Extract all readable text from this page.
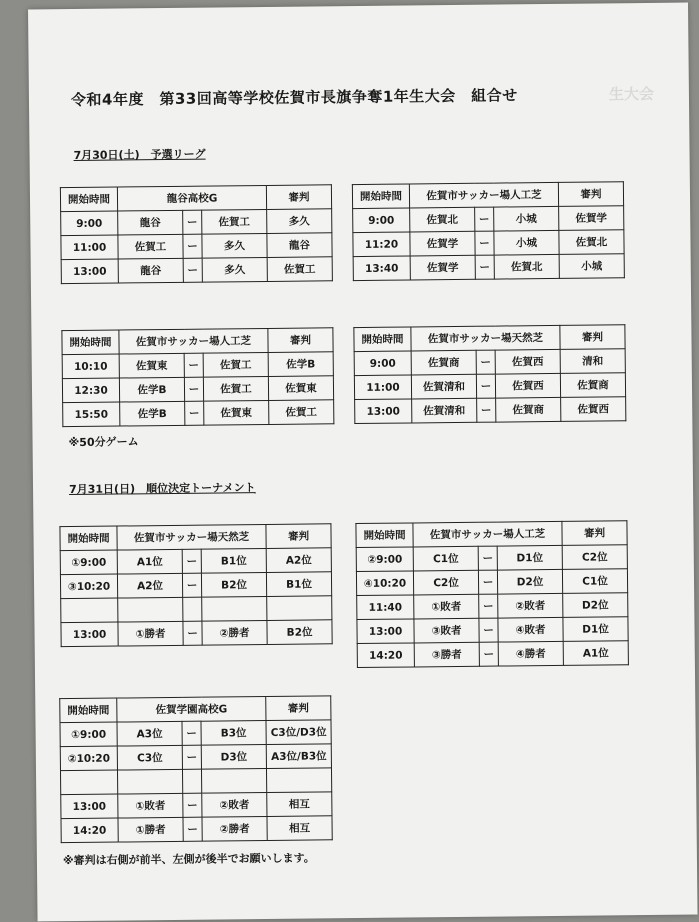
令和4年度　第33回高等学校佐賀市長旗争奪1年生大会　組合せ	生大会
7月30日(土)　予選リーグ
開始時間	龍谷高校G			審判
9:00	龍谷	ー	佐賀工	多久
11:00	佐賀工	ー	多久	龍谷
13:00	龍谷	ー	多久	佐賀工
開始時間	佐賀市サッカー場人工芝			審判
9:00	佐賀北	ー	小城	佐賀学
11:20	佐賀学	ー	小城	佐賀北
13:40	佐賀学	ー	佐賀北	小城
開始時間	佐賀市サッカー場人工芝			審判
10:10	佐賀東	ー	佐賀工	佐学B
12:30	佐学B	ー	佐賀工	佐賀東
15:50	佐学B	ー	佐賀東	佐賀工
開始時間	佐賀市サッカー場天然芝			審判
9:00	佐賀商	ー	佐賀西	清和
11:00	佐賀清和	ー	佐賀西	佐賀商
13:00	佐賀清和	ー	佐賀商	佐賀西
※50分ゲーム
7月31日(日)　順位決定トーナメント
開始時間	佐賀市サッカー場天然芝			審判
①9:00	A1位	ー	B1位	A2位
③10:20	A2位	ー	B2位	B1位

13:00	①勝者	ー	②勝者	B2位
開始時間	佐賀市サッカー場人工芝			審判
②9:00	C1位	ー	D1位	C2位
④10:20	C2位	ー	D2位	C1位
11:40	①敗者	ー	②敗者	D2位
13:00	③敗者	ー	④敗者	D1位
14:20	③勝者	ー	④勝者	A1位
開始時間	佐賀学園高校G			審判
①9:00	A3位	ー	B3位	C3位/D3位
②10:20	C3位	ー	D3位	A3位/B3位

13:00	①敗者	ー	②敗者	相互
14:20	①勝者	ー	②勝者	相互
※審判は右側が前半、左側が後半でお願いします。
